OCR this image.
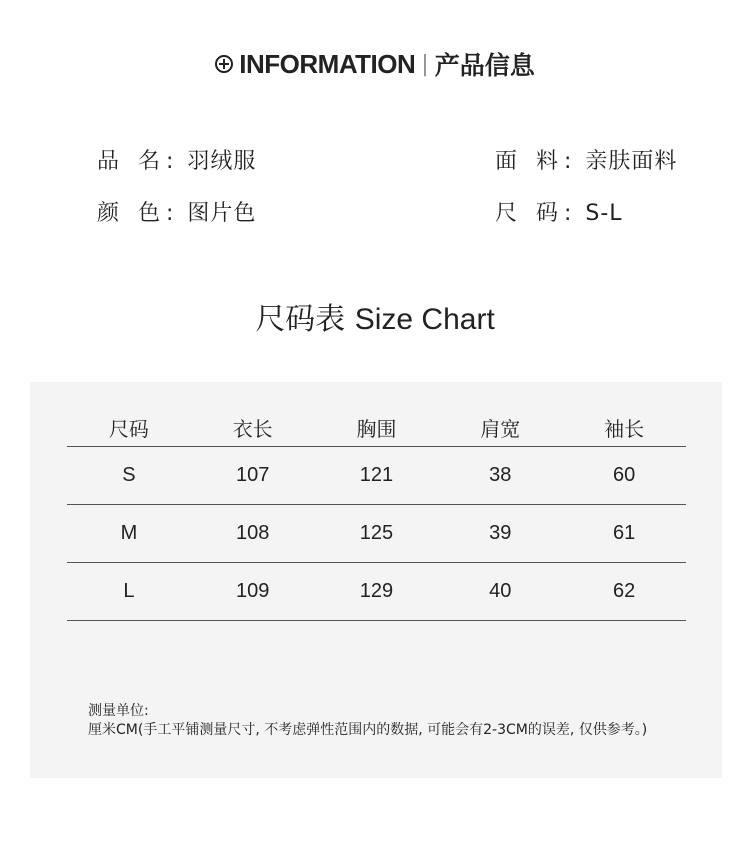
INFORMATION | 产品信息
品 名: 羽绒服	面 料: 亲肤面料
颜 色: 图片色	尺 码: S-L
尺码表 Size Chart
尺码	衣长	胸围	肩宽	袖长
S	107	121	38	60
M	108	125	39	61
L	109	129	40	62
测量单位:
厘米CM(手工平铺测量尺寸, 不考虑弹性范围内的数据, 可能会有2-3CM的误差, 仅供参考。)
